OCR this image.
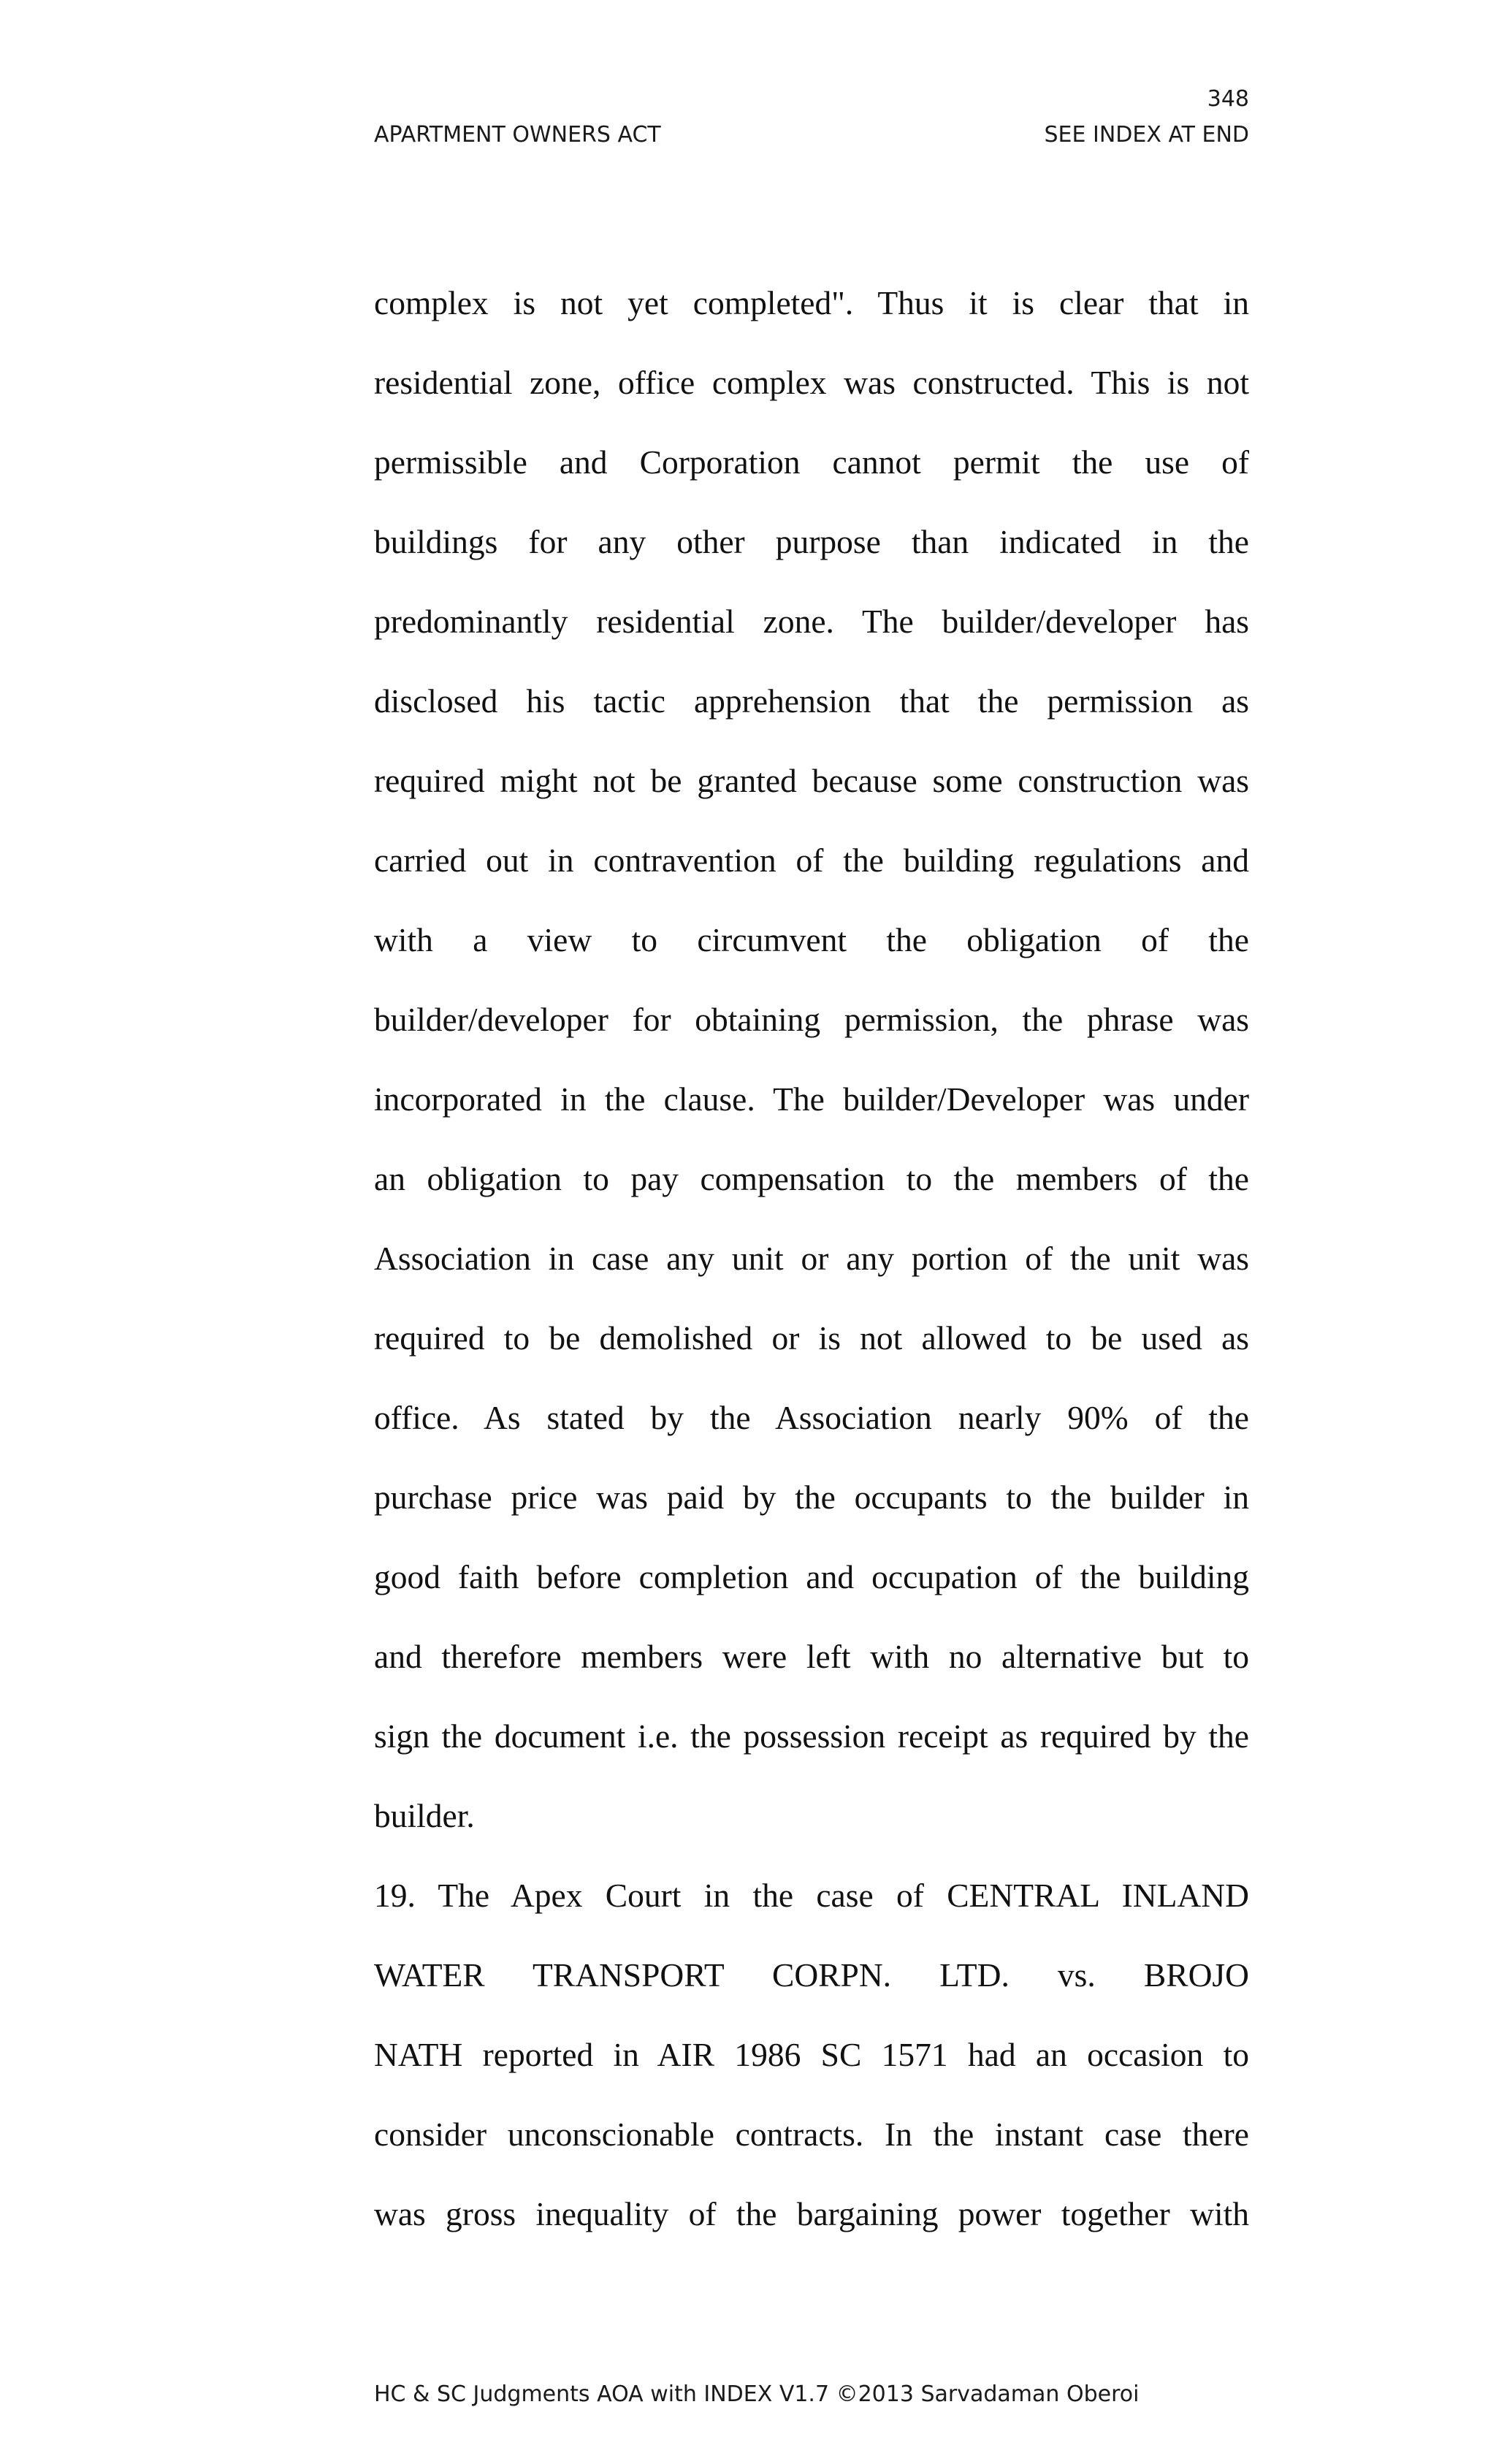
348
APARTMENT OWNERS ACT	SEE INDEX AT END
complex is not yet completed". Thus it is clear that in
residential zone, office complex was constructed. This is not
permissible and Corporation cannot permit the use of
buildings for any other purpose than indicated in the
predominantly residential zone. The builder/developer has
disclosed his tactic apprehension that the permission as
required might not be granted because some construction was
carried out in contravention of the building regulations and
with a view to circumvent the obligation of the
builder/developer for obtaining permission, the phrase was
incorporated in the clause. The builder/Developer was under
an obligation to pay compensation to the members of the
Association in case any unit or any portion of the unit was
required to be demolished or is not allowed to be used as
office. As stated by the Association nearly 90% of the
purchase price was paid by the occupants to the builder in
good faith before completion and occupation of the building
and therefore members were left with no alternative but to
sign the document i.e. the possession receipt as required by the
builder.
19. The Apex Court in the case of CENTRAL INLAND
WATER TRANSPORT CORPN. LTD. vs. BROJO
NATH reported in AIR 1986 SC 1571 had an occasion to
consider unconscionable contracts. In the instant case there
was gross inequality of the bargaining power together with
HC & SC Judgments AOA with INDEX V1.7 ©2013 Sarvadaman Oberoi
